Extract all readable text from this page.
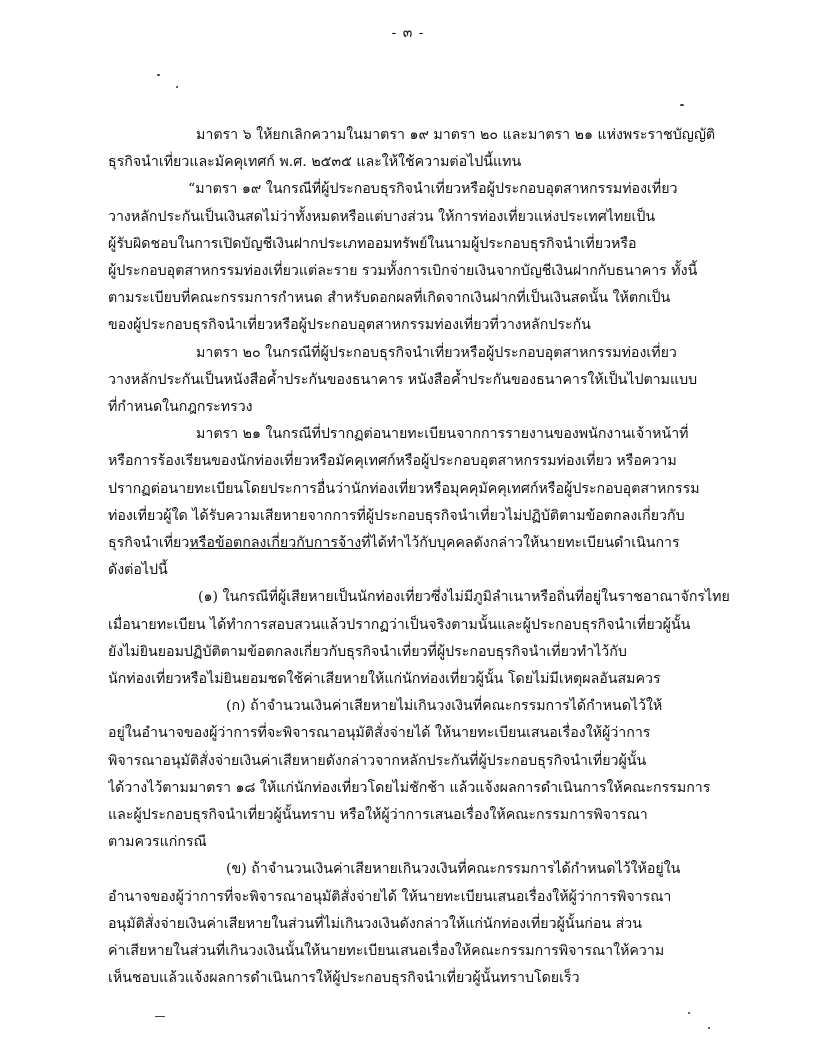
- ๓ -
มาตรา ๖ ให้ยกเลิกความในมาตรา ๑๙ มาตรา ๒๐ และมาตรา ๒๑ แห่งพระราชบัญญัติ
ธุรกิจนำเที่ยวและมัคคุเทศก์ พ.ศ. ๒๕๓๕ และให้ใช้ความต่อไปนี้แทน
“มาตรา ๑๙ ในกรณีที่ผู้ประกอบธุรกิจนำเที่ยวหรือผู้ประกอบอุตสาหกรรมท่องเที่ยว
วางหลักประกันเป็นเงินสดไม่ว่าทั้งหมดหรือแต่บางส่วน ให้การท่องเที่ยวแห่งประเทศไทยเป็น
ผู้รับผิดชอบในการเปิดบัญชีเงินฝากประเภทออมทรัพย์ในนามผู้ประกอบธุรกิจนำเที่ยวหรือ
ผู้ประกอบอุตสาหกรรมท่องเที่ยวแต่ละราย รวมทั้งการเบิกจ่ายเงินจากบัญชีเงินฝากกับธนาคาร ทั้งนี้
ตามระเบียบที่คณะกรรมการกำหนด สำหรับดอกผลที่เกิดจากเงินฝากที่เป็นเงินสดนั้น ให้ตกเป็น
ของผู้ประกอบธุรกิจนำเที่ยวหรือผู้ประกอบอุตสาหกรรมท่องเที่ยวที่วางหลักประกัน
มาตรา ๒๐ ในกรณีที่ผู้ประกอบธุรกิจนำเที่ยวหรือผู้ประกอบอุตสาหกรรมท่องเที่ยว
วางหลักประกันเป็นหนังสือค้ำประกันของธนาคาร หนังสือค้ำประกันของธนาคารให้เป็นไปตามแบบ
ที่กำหนดในกฎกระทรวง
มาตรา ๒๑ ในกรณีที่ปรากฏต่อนายทะเบียนจากการรายงานของพนักงานเจ้าหน้าที่
หรือการร้องเรียนของนักท่องเที่ยวหรือมัคคุเทศก์หรือผู้ประกอบอุตสาหกรรมท่องเที่ยว หรือความ
ปรากฏต่อนายทะเบียนโดยประการอื่นว่านักท่องเที่ยวหรือมุคคุมัคคุเทศก์หรือผู้ประกอบอุตสาหกรรม
ท่องเที่ยวผู้ใด ได้รับความเสียหายจากการที่ผู้ประกอบธุรกิจนำเที่ยวไม่ปฏิบัติตามข้อตกลงเกี่ยวกับ
ธุรกิจนำเที่ยวหรือข้อตกลงเกี่ยวกับการจ้างที่ได้ทำไว้กับบุคคลดังกล่าวให้นายทะเบียนดำเนินการ
ดังต่อไปนี้
(๑) ในกรณีที่ผู้เสียหายเป็นนักท่องเที่ยวซึ่งไม่มีภูมิลำเนาหรือถิ่นที่อยู่ในราชอาณาจักรไทย
เมื่อนายทะเบียน ได้ทำการสอบสวนแล้วปรากฏว่าเป็นจริงตามนั้นและผู้ประกอบธุรกิจนำเที่ยวผู้นั้น
ยังไม่ยินยอมปฏิบัติตามข้อตกลงเกี่ยวกับธุรกิจนำเที่ยวที่ผู้ประกอบธุรกิจนำเที่ยวทำไว้กับ
นักท่องเที่ยวหรือไม่ยินยอมชดใช้ค่าเสียหายให้แก่นักท่องเที่ยวผู้นั้น โดยไม่มีเหตุผลอันสมควร
(ก) ถ้าจำนวนเงินค่าเสียหายไม่เกินวงเงินที่คณะกรรมการได้กำหนดไว้ให้
อยู่ในอำนาจของผู้ว่าการที่จะพิจารณาอนุมัติสั่งจ่ายได้ ให้นายทะเบียนเสนอเรื่องให้ผู้ว่าการ
พิจารณาอนุมัติสั่งจ่ายเงินค่าเสียหายดังกล่าวจากหลักประกันที่ผู้ประกอบธุรกิจนำเที่ยวผู้นั้น
ได้วางไว้ตามมาตรา ๑๘ ให้แก่นักท่องเที่ยวโดยไม่ชักช้า แล้วแจ้งผลการดำเนินการให้คณะกรรมการ
และผู้ประกอบธุรกิจนำเที่ยวผู้นั้นทราบ หรือให้ผู้ว่าการเสนอเรื่องให้คณะกรรมการพิจารณา
ตามควรแก่กรณี
(ข) ถ้าจำนวนเงินค่าเสียหายเกินวงเงินที่คณะกรรมการได้กำหนดไว้ให้อยู่ใน
อำนาจของผู้ว่าการที่จะพิจารณาอนุมัติสั่งจ่ายได้ ให้นายทะเบียนเสนอเรื่องให้ผู้ว่าการพิจารณา
อนุมัติสั่งจ่ายเงินค่าเสียหายในส่วนที่ไม่เกินวงเงินดังกล่าวให้แก่นักท่องเที่ยวผู้นั้นก่อน ส่วน
ค่าเสียหายในส่วนที่เกินวงเงินนั้นให้นายทะเบียนเสนอเรื่องให้คณะกรรมการพิจารณาให้ความ
เห็นชอบแล้วแจ้งผลการดำเนินการให้ผู้ประกอบธุรกิจนำเที่ยวผู้นั้นทราบโดยเร็ว
